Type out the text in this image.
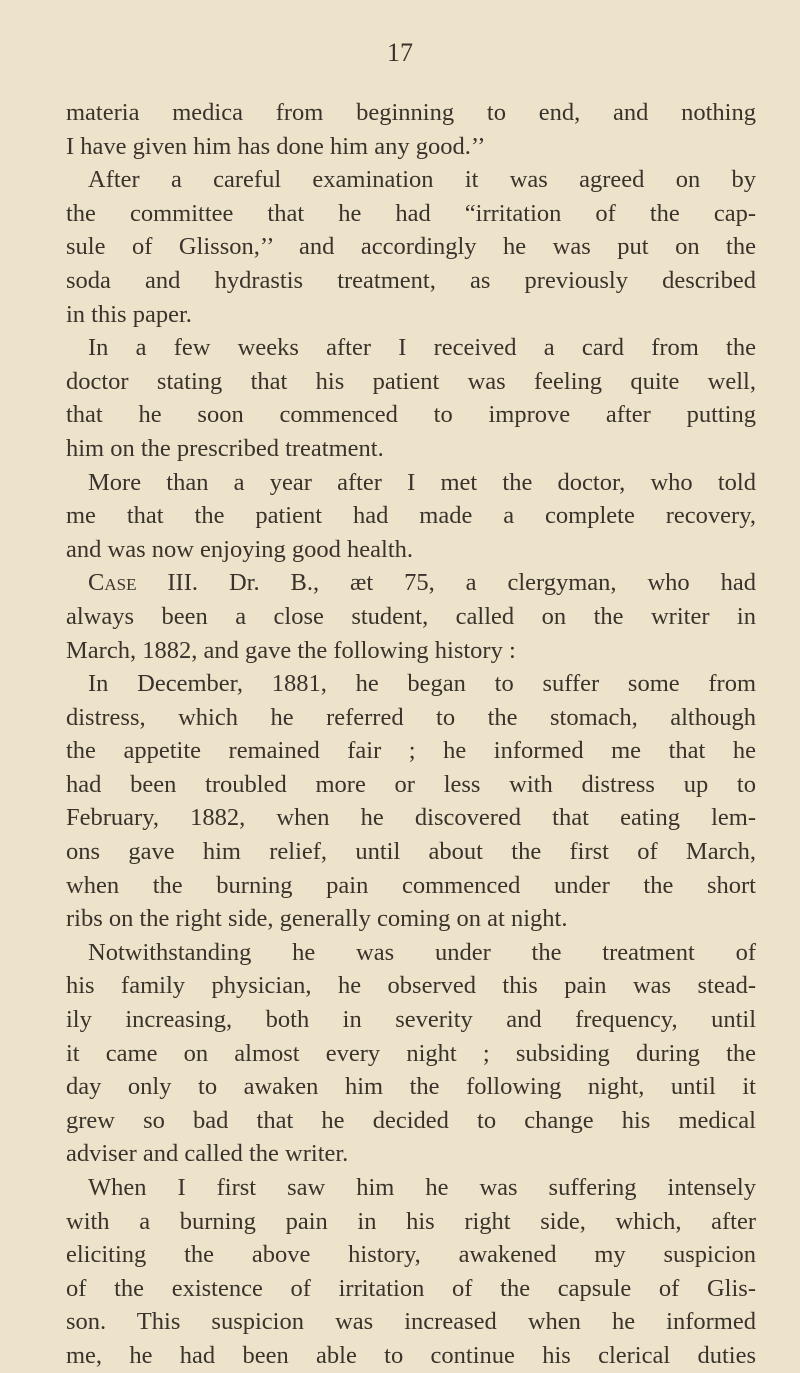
17
materia medica from beginning to end, and nothing
I have given him has done him any good.’’
After a careful examination it was agreed on by
the committee that he had “irritation of the cap-
sule of Glisson,’’ and accordingly he was put on the
soda and hydrastis treatment, as previously described
in this paper.
In a few weeks after I received a card from the
doctor stating that his patient was feeling quite well,
that he soon commenced to improve after putting
him on the prescribed treatment.
More than a year after I met the doctor, who told
me that the patient had made a complete recovery,
and was now enjoying good health.
Case III. Dr. B., æt 75, a clergyman, who had
always been a close student, called on the writer in
March, 1882, and gave the following history :
In December, 1881, he began to suffer some from
distress, which he referred to the stomach, although
the appetite remained fair ; he informed me that he
had been troubled more or less with distress up to
February, 1882, when he discovered that eating lem-
ons gave him relief, until about the first of March,
when the burning pain commenced under the short
ribs on the right side, generally coming on at night.
Notwithstanding he was under the treatment of
his family physician, he observed this pain was stead-
ily increasing, both in severity and frequency, until
it came on almost every night ; subsiding during the
day only to awaken him the following night, until it
grew so bad that he decided to change his medical
adviser and called the writer.
When I first saw him he was suffering intensely
with a burning pain in his right side, which, after
eliciting the above history, awakened my suspicion
of the existence of irritation of the capsule of Glis-
son. This suspicion was increased when he informed
me, he had been able to continue his clerical duties
